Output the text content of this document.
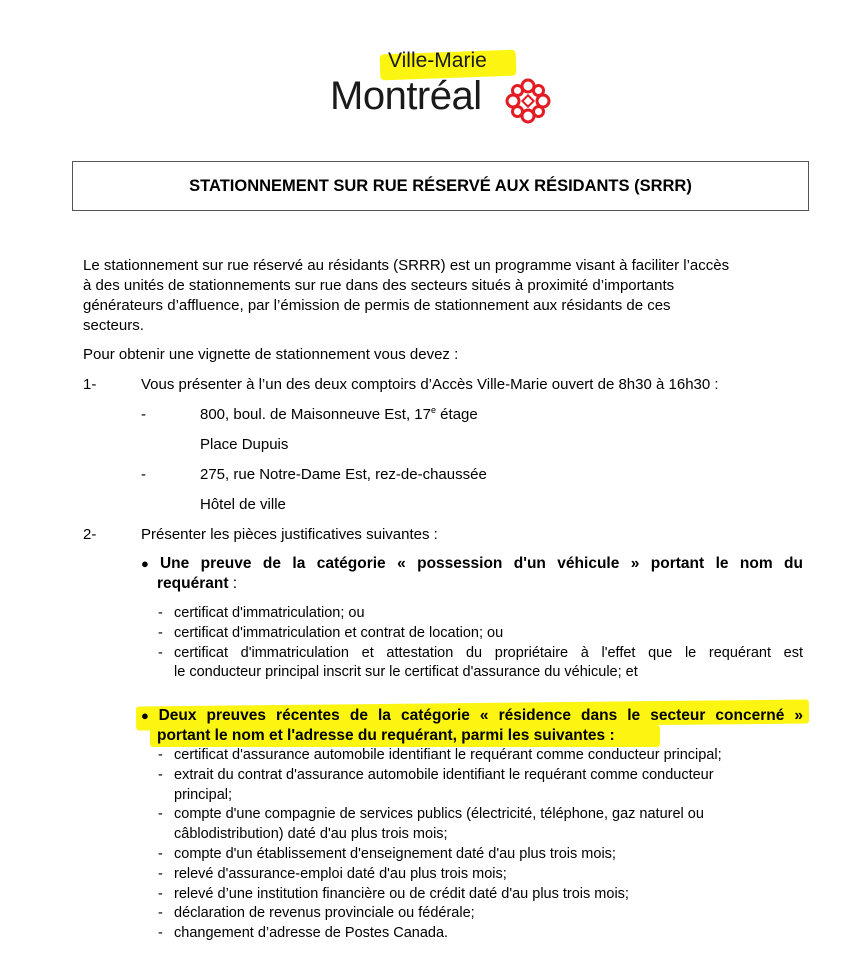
Ville-Marie
Montréal
STATIONNEMENT SUR RUE RÉSERVÉ AUX RÉSIDANTS (SRRR)
Le stationnement sur rue réservé au résidants (SRRR) est un programme visant à faciliter l’accès
à des unités de stationnements sur rue dans des secteurs situés à proximité d’importants
générateurs d’affluence, par l’émission de permis de stationnement aux résidants de ces
secteurs.
Pour obtenir une vignette de stationnement vous devez :
1-	Vous présenter à l’un des deux comptoirs d’Accès Ville-Marie ouvert de 8h30 à 16h30 :
-	800, boul. de Maisonneuve Est, 17e étage
Place Dupuis
-	275, rue Notre-Dame Est, rez-de-chaussée
Hôtel de ville
2-	Présenter les pièces justificatives suivantes :
● Une preuve de la catégorie « possession d'un véhicule » portant le nom du
requérant :
- certificat d'immatriculation; ou
- certificat d'immatriculation et contrat de location; ou
- certificat d'immatriculation et attestation du propriétaire à l'effet que le requérant est
le conducteur principal inscrit sur le certificat d'assurance du véhicule; et
● Deux preuves récentes de la catégorie « résidence dans le secteur concerné »
portant le nom et l'adresse du requérant, parmi les suivantes :
- certificat d'assurance automobile identifiant le requérant comme conducteur principal;
- extrait du contrat d'assurance automobile identifiant le requérant comme conducteur
principal;
- compte d'une compagnie de services publics (électricité, téléphone, gaz naturel ou
câblodistribution) daté d'au plus trois mois;
- compte d'un établissement d'enseignement daté d'au plus trois mois;
- relevé d'assurance-emploi daté d'au plus trois mois;
- relevé d’une institution financière ou de crédit daté d'au plus trois mois;
- déclaration de revenus provinciale ou fédérale;
- changement d’adresse de Postes Canada.
